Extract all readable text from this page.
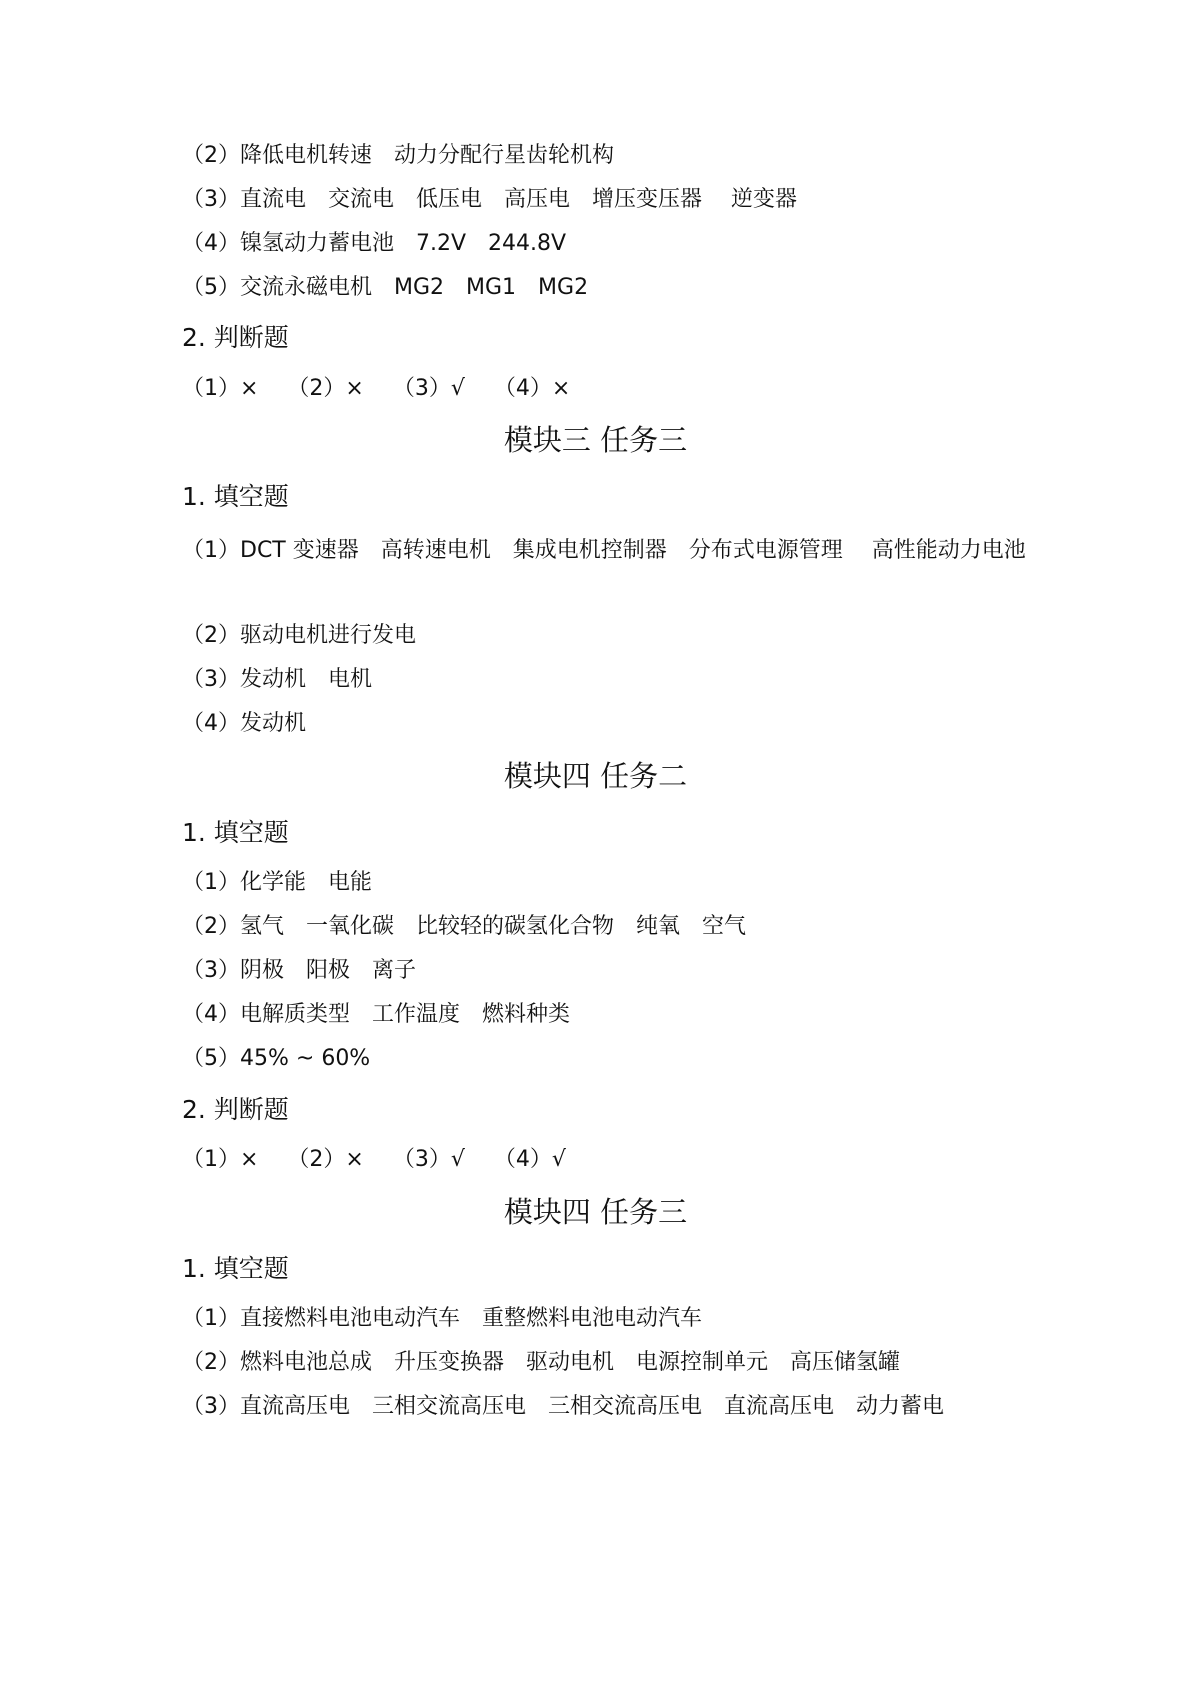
（2）降低电机转速　动力分配行星齿轮机构
（3）直流电　交流电　低压电　高压电　增压变压器　 逆变器
（4）镍氢动力蓄电池　7.2V　244.8V
（5）交流永磁电机　MG2　MG1　MG2
2. 判断题
（1）×　 （2）×　 （3）√　 （4）×
模块三 任务三
1. 填空题
（1）DCT 变速器　高转速电机　集成电机控制器　分布式电源管理　 高性能动力电池
（2）驱动电机进行发电
（3）发动机　电机
（4）发动机
模块四 任务二
1. 填空题
（1）化学能　电能
（2）氢气　一氧化碳　比较轻的碳氢化合物　纯氧　空气
（3）阴极　阳极　离子
（4）电解质类型　工作温度　燃料种类
（5）45% ~ 60%
2. 判断题
（1）×　 （2）×　 （3）√　 （4）√
模块四 任务三
1. 填空题
（1）直接燃料电池电动汽车　重整燃料电池电动汽车
（2）燃料电池总成　升压变换器　驱动电机　电源控制单元　高压储氢罐
（3）直流高压电　三相交流高压电　三相交流高压电　直流高压电　动力蓄电
